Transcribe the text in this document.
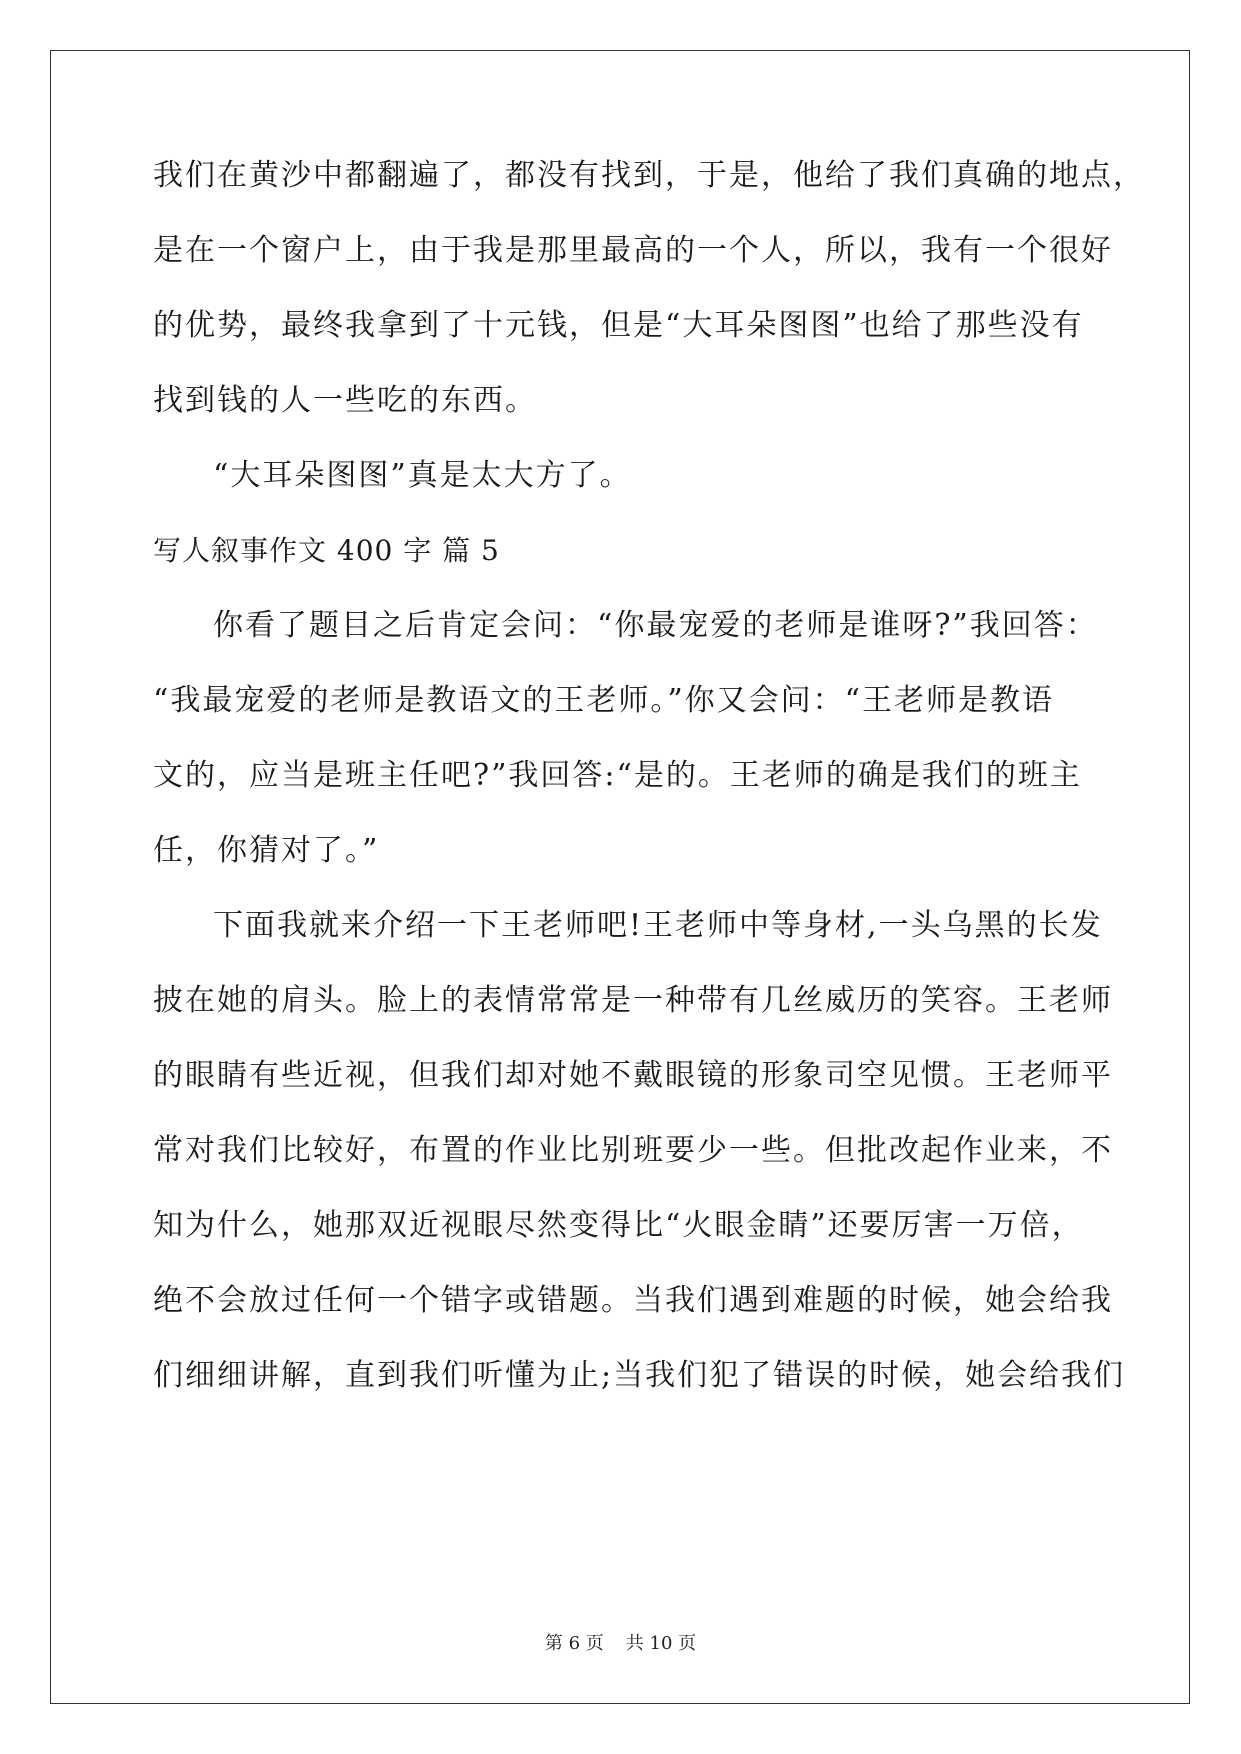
我们在黄沙中都翻遍了，都没有找到，于是，他给了我们真确的地点，
是在一个窗户上，由于我是那里最高的一个人，所以，我有一个很好
的优势，最终我拿到了十元钱，但是“大耳朵图图”也给了那些没有
找到钱的人一些吃的东西。
“大耳朵图图”真是太大方了。
写人叙事作文 400 字 篇 5
你看了题目之后肯定会问：“你最宠爱的老师是谁呀?”我回答：
“我最宠爱的老师是教语文的王老师。”你又会问：“王老师是教语
文的，应当是班主任吧?”我回答:“是的。王老师的确是我们的班主
任，你猜对了。”
下面我就来介绍一下王老师吧!王老师中等身材,一头乌黑的长发
披在她的肩头。脸上的表情常常是一种带有几丝威历的笑容。王老师
的眼睛有些近视，但我们却对她不戴眼镜的形象司空见惯。王老师平
常对我们比较好，布置的作业比别班要少一些。但批改起作业来，不
知为什么，她那双近视眼尽然变得比“火眼金睛”还要厉害一万倍，
绝不会放过任何一个错字或错题。当我们遇到难题的时候，她会给我
们细细讲解，直到我们听懂为止;当我们犯了错误的时候，她会给我们
第 6 页 共 10 页
